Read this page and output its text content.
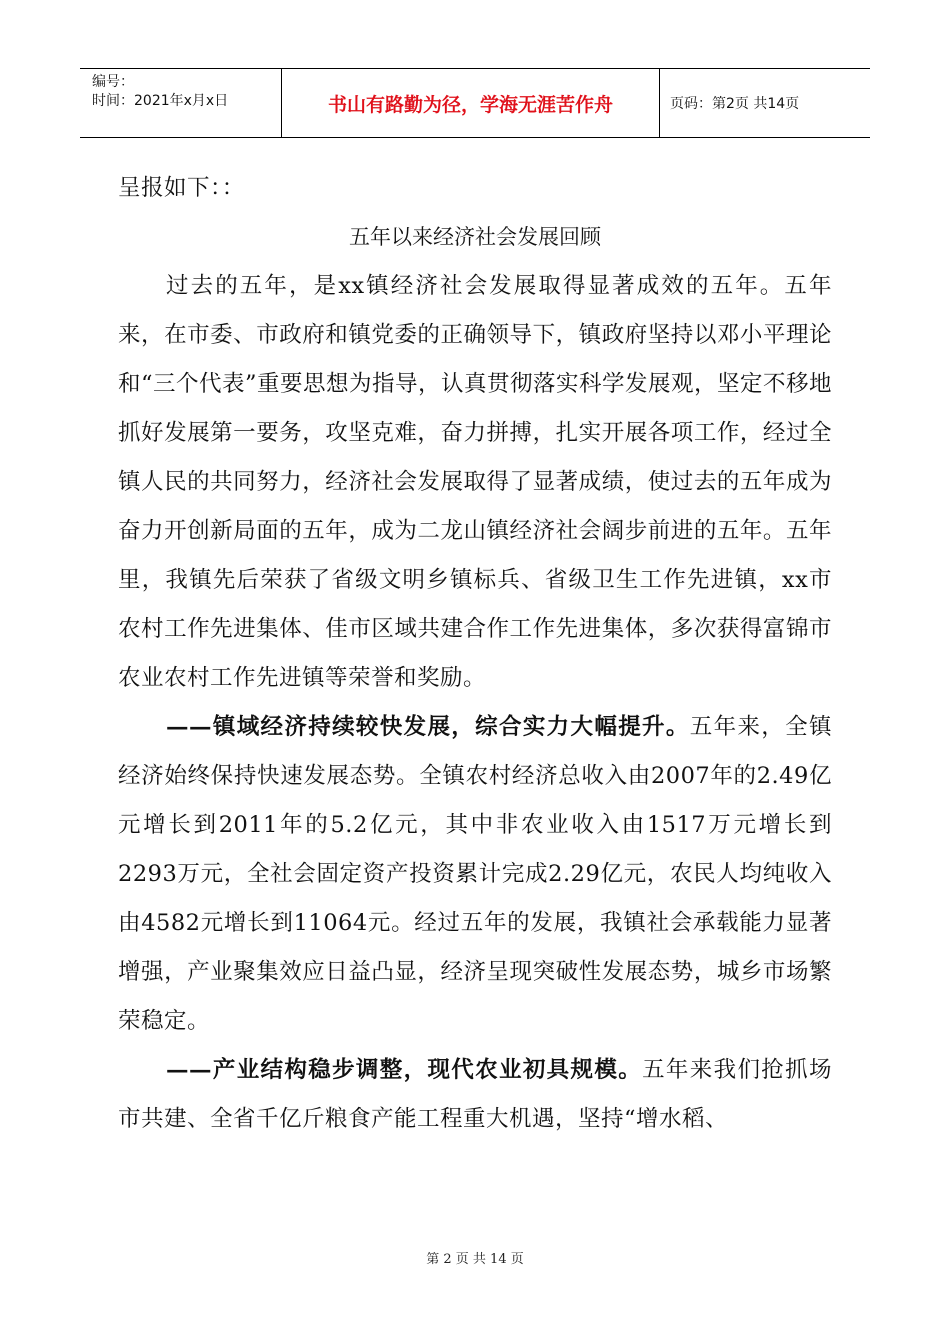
编号：
时间：2021年x月x日	书山有路勤为径，学海无涯苦作舟	页码：第2页 共14页

呈报如下：：

五年以来经济社会发展回顾

过去的五年，是xx镇经济社会发展取得显著成效的五年。五年来，在市委、市政府和镇党委的正确领导下，镇政府坚持以邓小平理论和“三个代表”重要思想为指导，认真贯彻落实科学发展观，坚定不移地抓好发展第一要务，攻坚克难，奋力拼搏，扎实开展各项工作，经过全镇人民的共同努力，经济社会发展取得了显著成绩，使过去的五年成为奋力开创新局面的五年，成为二龙山镇经济社会阔步前进的五年。五年里，我镇先后荣获了省级文明乡镇标兵、省级卫生工作先进镇，xx市农村工作先进集体、佳市区域共建合作工作先进集体，多次获得富锦市农业农村工作先进镇等荣誉和奖励。

——镇域经济持续较快发展，综合实力大幅提升。五年来，全镇经济始终保持快速发展态势。全镇农村经济总收入由2007年的2.49亿元增长到2011年的5.2亿元，其中非农业收入由1517万元增长到2293万元，全社会固定资产投资累计完成2.29亿元，农民人均纯收入由4582元增长到11064元。经过五年的发展，我镇社会承载能力显著增强，产业聚集效应日益凸显，经济呈现突破性发展态势，城乡市场繁荣稳定。

——产业结构稳步调整，现代农业初具规模。五年来我们抢抓场市共建、全省千亿斤粮食产能工程重大机遇，坚持“增水稻、

第 2 页 共 14 页
